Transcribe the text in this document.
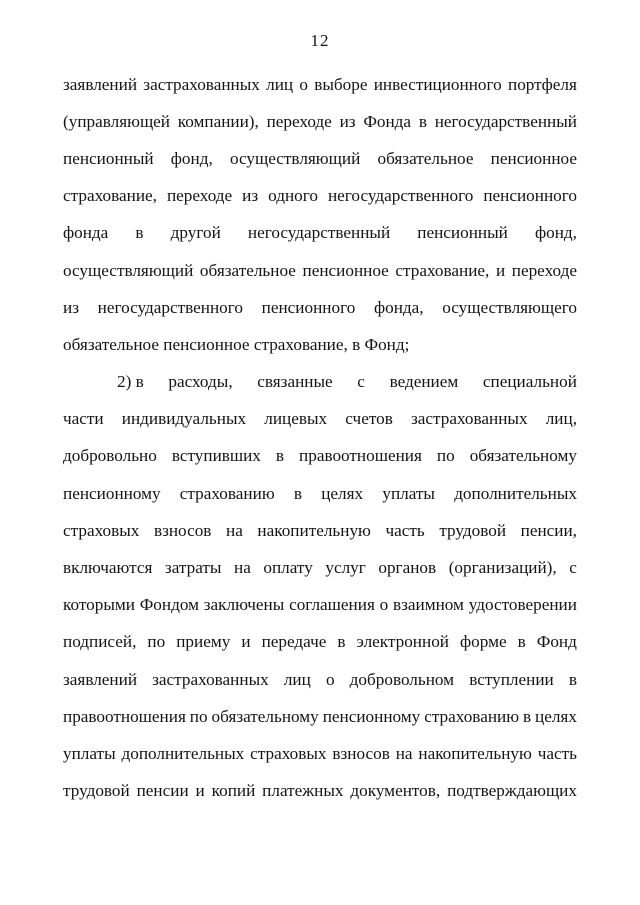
12
заявлений застрахованных лиц о выборе инвестиционного портфеля
(управляющей компании), переходе из Фонда в негосударственный
пенсионный фонд, осуществляющий обязательное пенсионное
страхование, переходе из одного негосударственного пенсионного
фонда в другой негосударственный пенсионный фонд,
осуществляющий обязательное пенсионное страхование, и переходе
из негосударственного пенсионного фонда, осуществляющего
обязательное пенсионное страхование, в Фонд;
2) в расходы, связанные с ведением специальной
части индивидуальных лицевых счетов застрахованных лиц,
добровольно вступивших в правоотношения по обязательному
пенсионному страхованию в целях уплаты дополнительных
страховых взносов на накопительную часть трудовой пенсии,
включаются затраты на оплату услуг органов (организаций), с
которыми Фондом заключены соглашения о взаимном удостоверении
подписей, по приему и передаче в электронной форме в Фонд
заявлений застрахованных лиц о добровольном вступлении в
правоотношения по обязательному пенсионному страхованию в целях
уплаты дополнительных страховых взносов на накопительную часть
трудовой пенсии и копий платежных документов, подтверждающих
